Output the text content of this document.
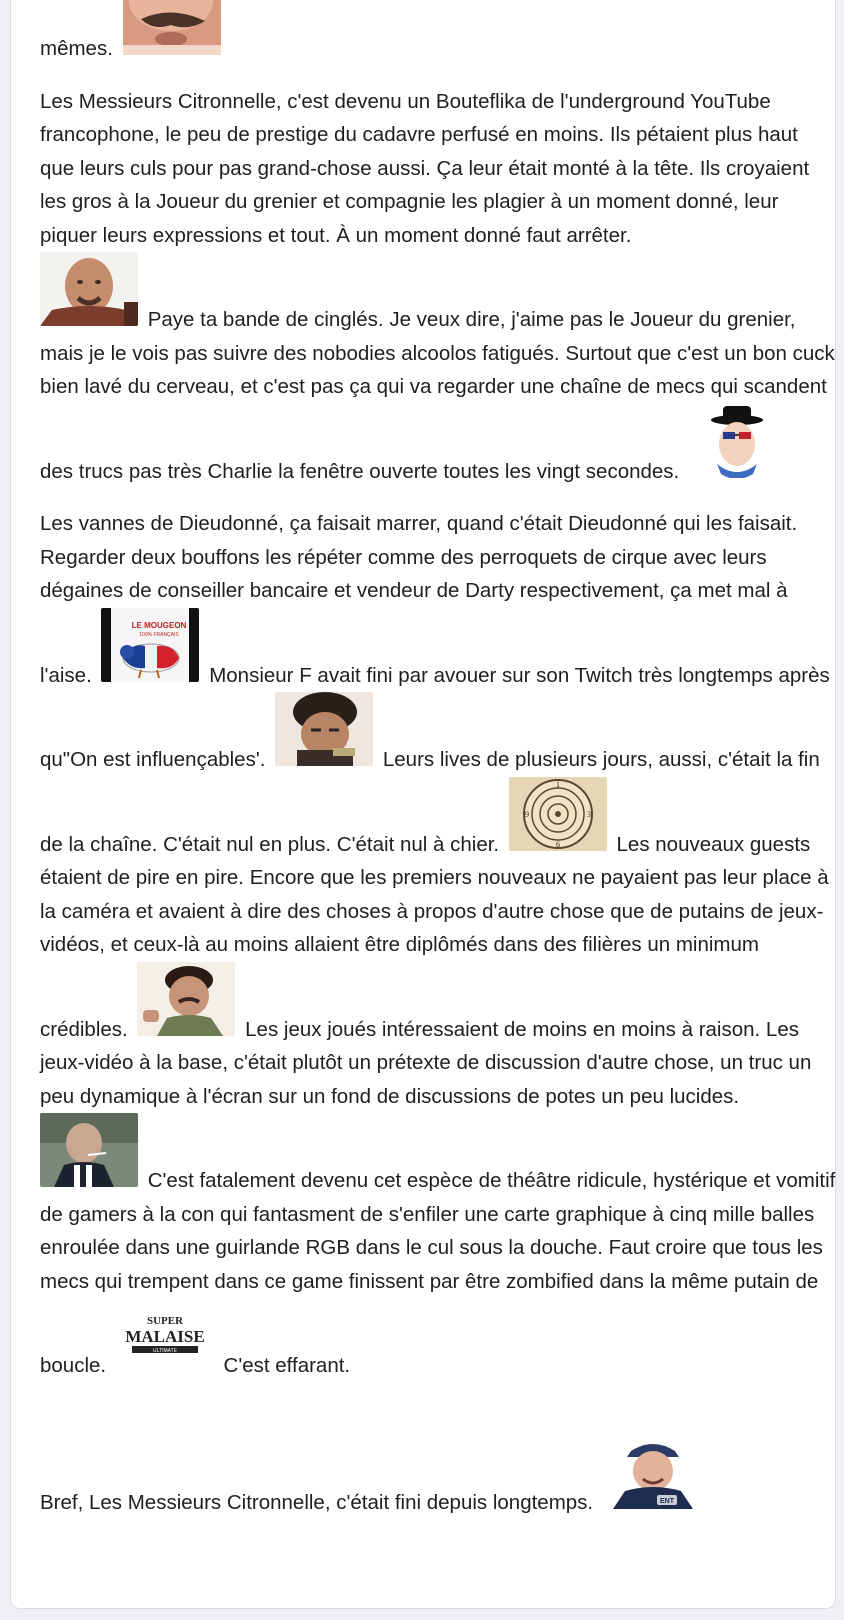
mêmes.

Les Messieurs Citronnelle, c'est devenu un Bouteflika de l'underground YouTube francophone, le peu de prestige du cadavre perfusé en moins. Ils pétaient plus haut que leurs culs pour pas grand-chose aussi. Ça leur était monté à la tête. Ils croyaient les gros à la Joueur du grenier et compagnie les plagier à un moment donné, leur piquer leurs expressions et tout. À un moment donné faut arrêter.

Paye ta bande de cinglés. Je veux dire, j'aime pas le Joueur du grenier, mais je le vois pas suivre des nobodies alcoolos fatigués. Surtout que c'est un bon cuck bien lavé du cerveau, et c'est pas ça qui va regarder une chaîne de mecs qui scandent des trucs pas très Charlie la fenêtre ouverte toutes les vingt secondes.

Les vannes de Dieudonné, ça faisait marrer, quand c'était Dieudonné qui les faisait. Regarder deux bouffons les répéter comme des perroquets de cirque avec leurs dégaines de conseiller bancaire et vendeur de Darty respectivement, ça met mal à l'aise.
LE MOUGEON
100% FRANÇAIS
Monsieur F avait fini par avouer sur son Twitch très longtemps après qu"On est influençables'.	Leurs lives de plusieurs jours, aussi, c'était la fin de la chaîne. C'était nul en plus. C'était nul à chier.
1
3
6
9
Les nouveaux guests étaient de pire en pire. Encore que les premiers nouveaux ne payaient pas leur place à la caméra et avaient à dire des choses à propos d'autre chose que de putains de jeux-vidéos, et ceux-là au moins allaient être diplômés dans des filières un minimum crédibles.	Les jeux joués intéressaient de moins en moins à raison. Les jeux-vidéo à la base, c'était plutôt un prétexte de discussion d'autre chose, un truc un peu dynamique à l'écran sur un fond de discussions de potes un peu lucides.

C'est fatalement devenu cet espèce de théâtre ridicule, hystérique et vomitif de gamers à la con qui fantasment de s'enfiler une carte graphique à cinq mille balles enroulée dans une guirlande RGB dans le cul sous la douche. Faut croire que tous les mecs qui trempent dans ce game finissent par être zombified dans la même putain de boucle.
SUPER
MALAISE
ULTIMATE
C'est effarant.

Bref, Les Messieurs Citronnelle, c'était fini depuis longtemps.	ENT
